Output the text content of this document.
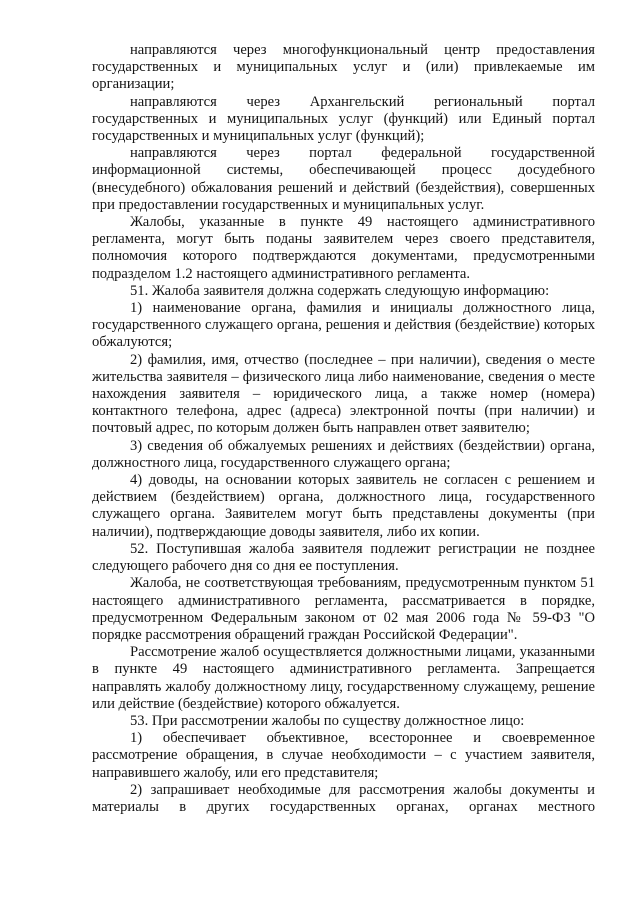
направляются через многофункциональный центр предоставления государственных и муниципальных услуг и (или) привлекаемые им организации;

направляются через Архангельский региональный портал государственных и муниципальных услуг (функций) или Единый портал государственных и муниципальных услуг (функций);

направляются через портал федеральной государственной информационной системы, обеспечивающей процесс досудебного (внесудебного) обжалования решений и действий (бездействия), совершенных при предоставлении государственных и муниципальных услуг.

Жалобы, указанные в пункте 49 настоящего административного регламента, могут быть поданы заявителем через своего представителя, полномочия которого подтверждаются документами, предусмотренными подразделом 1.2 настоящего административного регламента.

51. Жалоба заявителя должна содержать следующую информацию:

1) наименование органа, фамилия и инициалы должностного лица, государственного служащего органа, решения и действия (бездействие) которых обжалуются;

2) фамилия, имя, отчество (последнее – при наличии), сведения о месте жительства заявителя – физического лица либо наименование, сведения о месте нахождения заявителя – юридического лица, а также номер (номера) контактного телефона, адрес (адреса) электронной почты (при наличии) и почтовый адрес, по которым должен быть направлен ответ заявителю;

3) сведения об обжалуемых решениях и действиях (бездействии) органа, должностного лица, государственного служащего органа;

4) доводы, на основании которых заявитель не согласен с решением и действием (бездействием) органа, должностного лица, государственного служащего органа. Заявителем могут быть представлены документы (при наличии), подтверждающие доводы заявителя, либо их копии.

52. Поступившая жалоба заявителя подлежит регистрации не позднее следующего рабочего дня со дня ее поступления.

Жалоба, не соответствующая требованиям, предусмотренным пунктом 51 настоящего административного регламента, рассматривается в порядке, предусмотренном Федеральным законом от 02 мая 2006 года № 59-ФЗ "О порядке рассмотрения обращений граждан Российской Федерации".

Рассмотрение жалоб осуществляется должностными лицами, указанными в пункте 49 настоящего административного регламента. Запрещается направлять жалобу должностному лицу, государственному служащему, решение или действие (бездействие) которого обжалуется.

53. При рассмотрении жалобы по существу должностное лицо:

1) обеспечивает объективное, всестороннее и своевременное рассмотрение обращения, в случае необходимости – с участием заявителя, направившего жалобу, или его представителя;

2) запрашивает необходимые для рассмотрения жалобы документы и материалы в других государственных органах, органах местного
